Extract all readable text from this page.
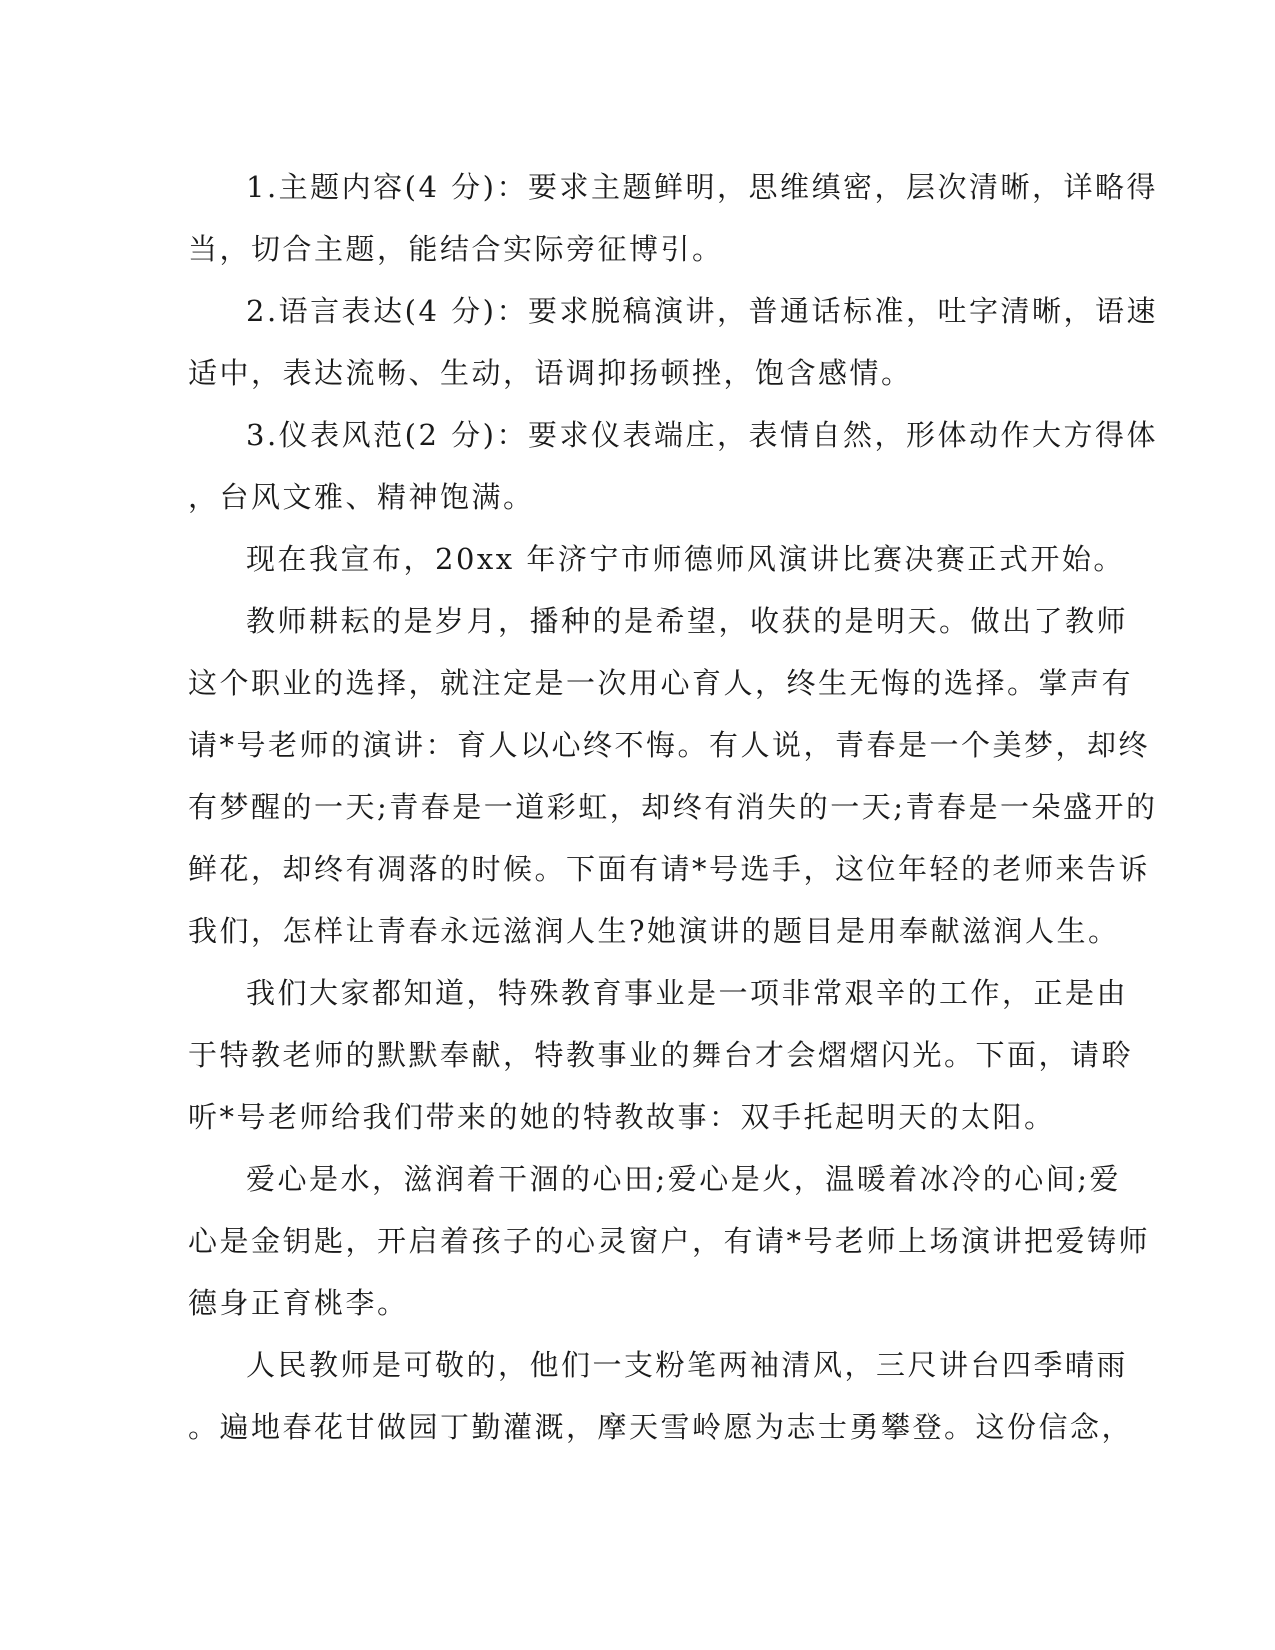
1.主题内容(4 分)：要求主题鲜明，思维缜密，层次清晰，详略得
当，切合主题，能结合实际旁征博引。

2.语言表达(4 分)：要求脱稿演讲，普通话标准，吐字清晰，语速
适中，表达流畅、生动，语调抑扬顿挫，饱含感情。

3.仪表风范(2 分)：要求仪表端庄，表情自然，形体动作大方得体
，台风文雅、精神饱满。

现在我宣布，20xx 年济宁市师德师风演讲比赛决赛正式开始。

教师耕耘的是岁月，播种的是希望，收获的是明天。做出了教师
这个职业的选择，就注定是一次用心育人，终生无悔的选择。掌声有
请*号老师的演讲：育人以心终不悔。有人说，青春是一个美梦，却终
有梦醒的一天;青春是一道彩虹，却终有消失的一天;青春是一朵盛开的
鲜花，却终有凋落的时候。下面有请*号选手，这位年轻的老师来告诉
我们，怎样让青春永远滋润人生?她演讲的题目是用奉献滋润人生。

我们大家都知道，特殊教育事业是一项非常艰辛的工作，正是由
于特教老师的默默奉献，特教事业的舞台才会熠熠闪光。下面，请聆
听*号老师给我们带来的她的特教故事：双手托起明天的太阳。

爱心是水，滋润着干涸的心田;爱心是火，温暖着冰冷的心间;爱
心是金钥匙，开启着孩子的心灵窗户，有请*号老师上场演讲把爱铸师
德身正育桃李。

人民教师是可敬的，他们一支粉笔两袖清风，三尺讲台四季晴雨
。遍地春花甘做园丁勤灌溉，摩天雪岭愿为志士勇攀登。这份信念，
